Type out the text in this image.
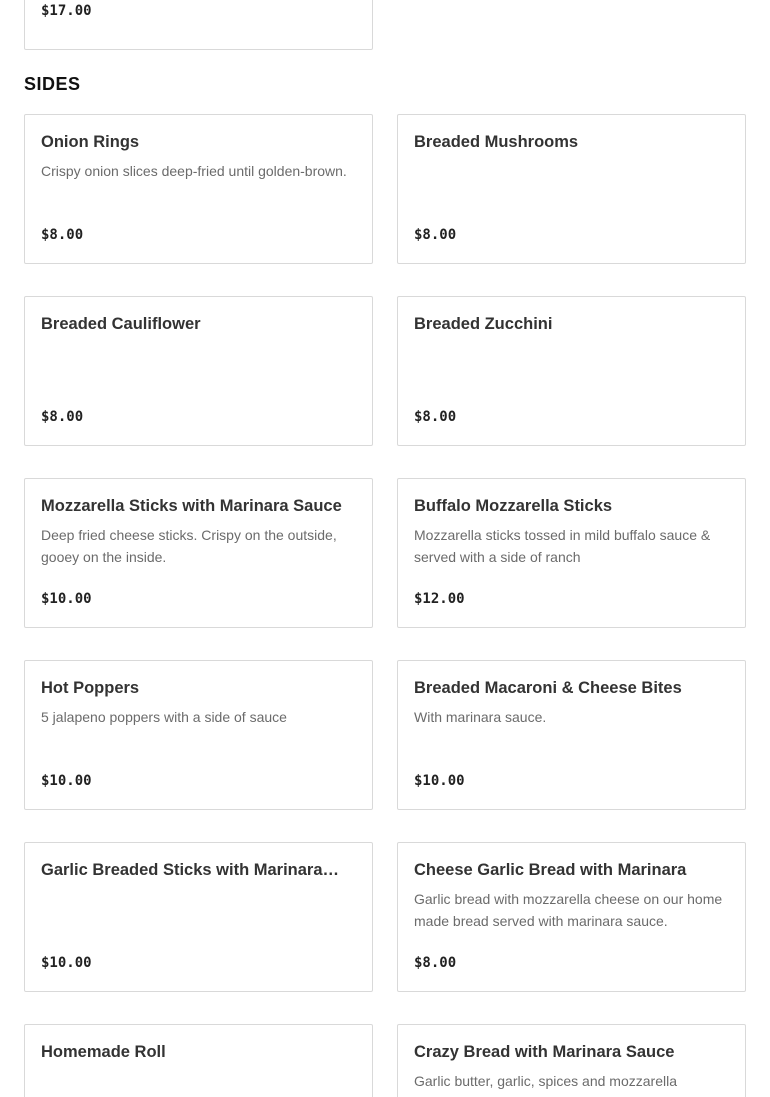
$17.00
SIDES
Onion Rings
Crispy onion slices deep-fried until golden-brown.
$8.00
Breaded Mushrooms
$8.00
Breaded Cauliflower
$8.00
Breaded Zucchini
$8.00
Mozzarella Sticks with Marinara Sauce
Deep fried cheese sticks. Crispy on the outside, gooey on the inside.
$10.00
Buffalo Mozzarella Sticks
Mozzarella sticks tossed in mild buffalo sauce & served with a side of ranch
$12.00
Hot Poppers
5 jalapeno poppers with a side of sauce
$10.00
Breaded Macaroni & Cheese Bites
With marinara sauce.
$10.00
Garlic Breaded Sticks with Marinara…
$10.00
Cheese Garlic Bread with Marinara
Garlic bread with mozzarella cheese on our home made bread served with marinara sauce.
$8.00
Homemade Roll	Crazy Bread with Marinara Sauce
Garlic butter, garlic, spices and mozzarella
